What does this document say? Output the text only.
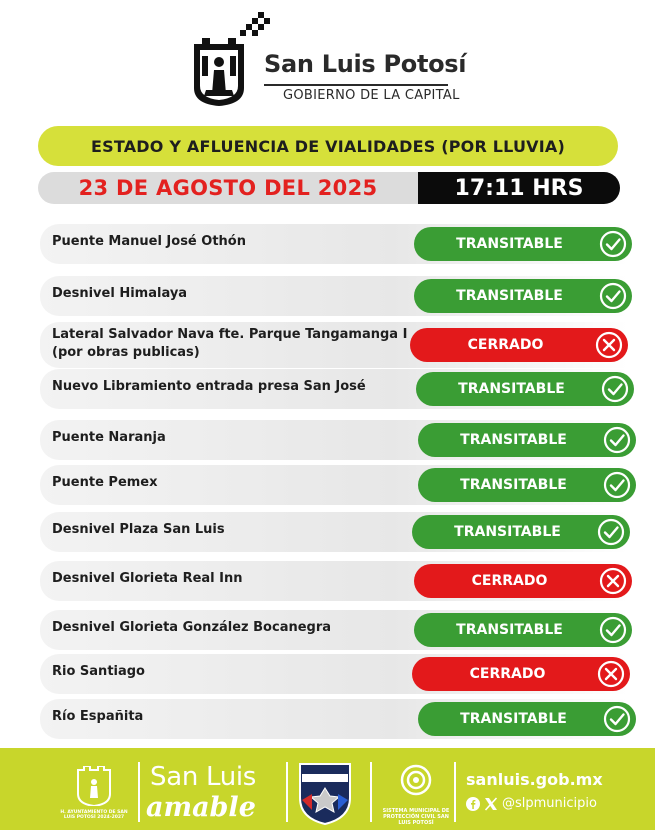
San Luis Potosí
GOBIERNO DE LA CAPITAL
ESTADO Y AFLUENCIA DE VIALIDADES (POR LLUVIA)
23 DE AGOSTO DEL 2025	17:11 HRS
Puente Manuel José Othón	TRANSITABLE
Desnivel Himalaya	TRANSITABLE
Lateral Salvador Nava fte. Parque Tangamanga I
(por obras publicas)	CERRADO
Nuevo Libramiento entrada presa San José	TRANSITABLE
Puente Naranja	TRANSITABLE
Puente Pemex	TRANSITABLE
Desnivel Plaza San Luis	TRANSITABLE
Desnivel Glorieta Real Inn	CERRADO
Desnivel Glorieta González Bocanegra	TRANSITABLE
Rio Santiago	CERRADO
Río Españita	TRANSITABLE
H. AYUNTAMIENTO DE SAN LUIS POTOSÍ 2024-2027
San Luis
amable	SISTEMA MUNICIPAL DE PROTECCIÓN CIVIL SAN LUIS POTOSÍ
sanluis.gob.mx
@slpmunicipio
